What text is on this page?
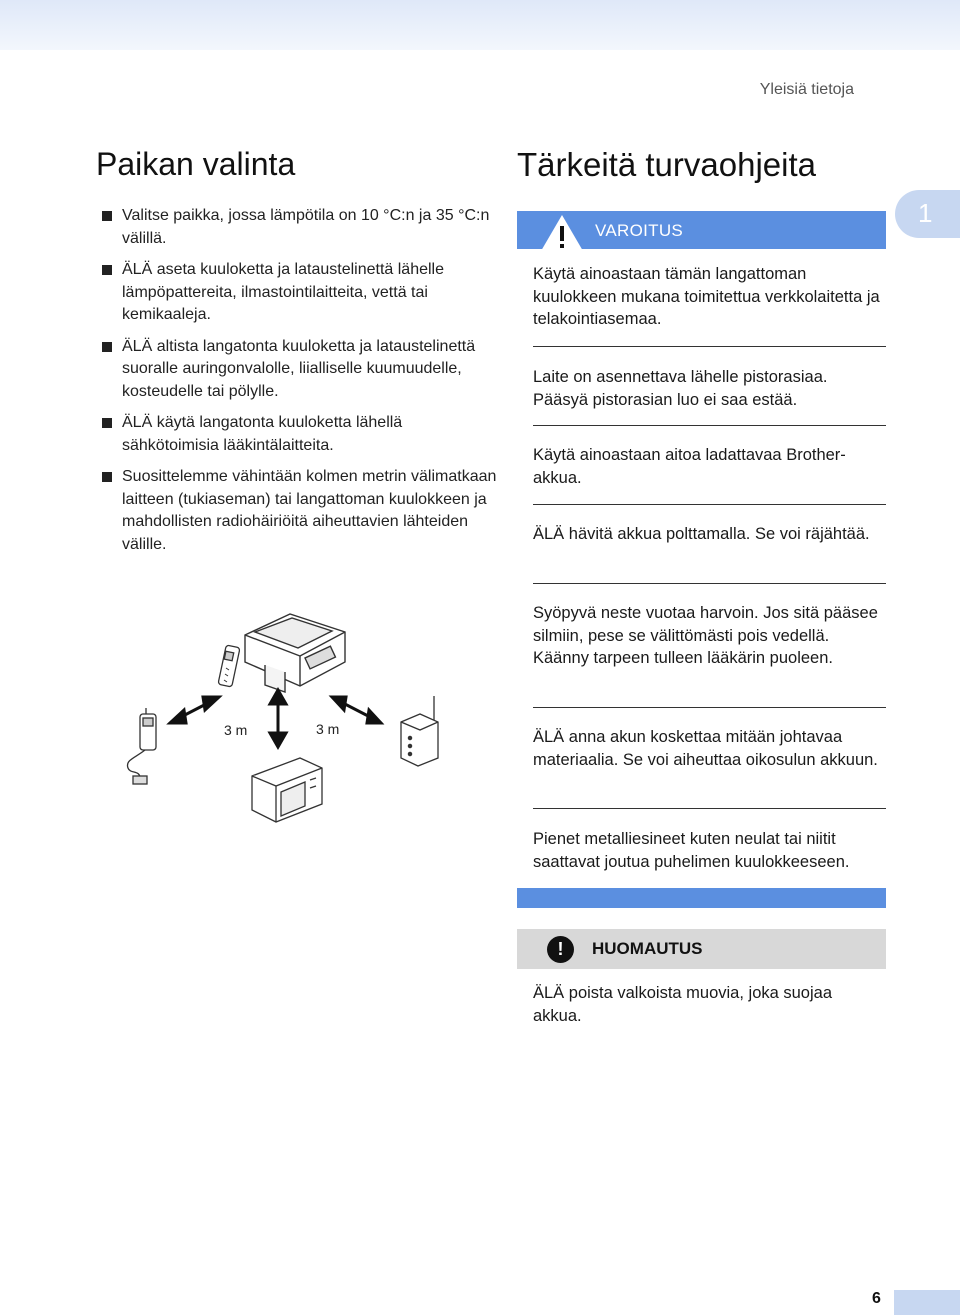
Yleisiä tietoja
1
Paikan valinta
Valitse paikka, jossa lämpötila on 10 °C:n ja 35 °C:n välillä.
ÄLÄ aseta kuuloketta ja lataustelinettä lähelle lämpöpattereita, ilmastointilaitteita, vettä tai kemikaaleja.
ÄLÄ altista langatonta kuuloketta ja lataustelinettä suoralle auringonvalolle, liialliselle kuumuudelle, kosteudelle tai pölylle.
ÄLÄ käytä langatonta kuuloketta lähellä sähkötoimisia lääkintälaitteita.
Suosittelemme vähintään kolmen metrin välimatkaan laitteen (tukiaseman) tai langattoman kuulokkeen ja mahdollisten radiohäiriöitä aiheuttavien lähteiden välille.
3 m	3 m
Tärkeitä turvaohjeita
VAROITUS
Käytä ainoastaan tämän langattoman kuulokkeen mukana toimitettua verkkolaitetta ja telakointiasemaa.
Laite on asennettava lähelle pistorasiaa. Pääsyä pistorasian luo ei saa estää.
Käytä ainoastaan aitoa ladattavaa Brother-akkua.
ÄLÄ hävitä akkua polttamalla. Se voi räjähtää.
Syöpyvä neste vuotaa harvoin. Jos sitä pääsee silmiin, pese se välittömästi pois vedellä. Käänny tarpeen tulleen lääkärin puoleen.
ÄLÄ anna akun koskettaa mitään johtavaa materiaalia. Se voi aiheuttaa oikosulun akkuun.
Pienet metalliesineet kuten neulat tai niitit saattavat joutua puhelimen kuulokkeeseen.
!	HUOMAUTUS
ÄLÄ poista valkoista muovia, joka suojaa akkua.
6
